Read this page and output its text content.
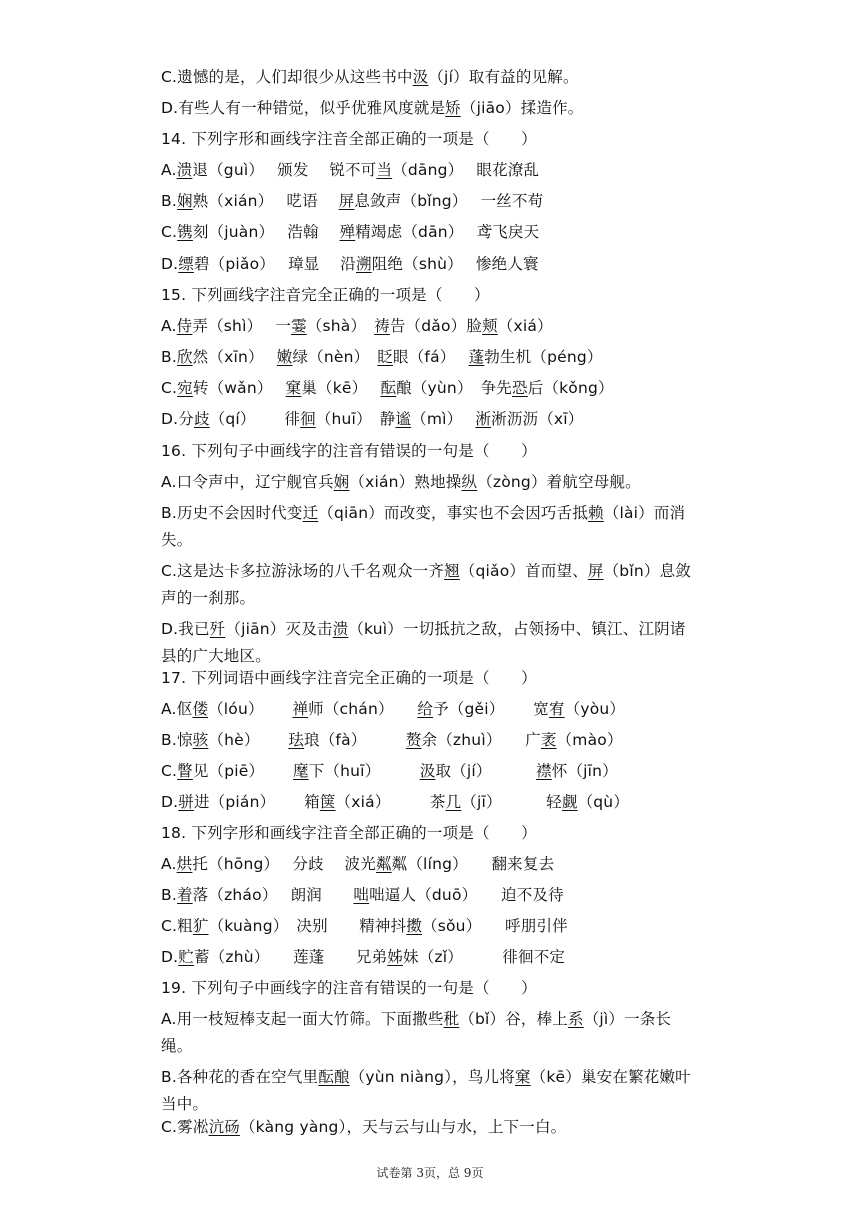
C.遗憾的是，人们却很少从这些书中汲（jí）取有益的见解。
D.有些人有一种错觉，似乎优雅风度就是矫（jiāo）揉造作。
14. 下列字形和画线字注音全部正确的一项是（　　）
A.溃退（guì）　 颁发　 锐不可当（dāng）　 眼花潦乱
B.娴熟（xián）　 呓语　 屏息敛声（bǐng）　 一丝不苟
C.镌刻（juàn）　 浩翰　 殚精竭虑（dān）　 鸢飞戾天
D.缥碧（piǎo）　 璋显　 沿溯阻绝（shù）　 惨绝人寰
15. 下列画线字注音完全正确的一项是（　　）
A.侍弄（shì）　 一霎（shà）　祷告（dǎo）脸颊（xiá）
B.欣然（xīn）　 嫩绿（nèn）　眨眼（fá）　 蓬勃生机（péng）
C.宛转（wǎn）　 窠巢（kē）　 酝酿（yùn）　争先恐后（kǒng）
D.分歧（qí）　　 徘徊（huī）　静谧（mì）　 淅淅沥沥（xī）
16. 下列句子中画线字的注音有错误的一句是（　　）
A.口令声中，辽宁舰官兵娴（xián）熟地操纵（zòng）着航空母舰。
B.历史不会因时代变迁（qiān）而改变，事实也不会因巧舌抵赖（lài）而消
失。
C.这是达卡多拉游泳场的八千名观众一齐翘（qiǎo）首而望、屏（bǐn）息敛
声的一刹那。
D.我已歼（jiān）灭及击溃（kuì）一切抵抗之敌，占领扬中、镇江、江阴诸
县的广大地区。
17. 下列词语中画线字注音完全正确的一项是（　　）
A.伛偻（lóu）　　 禅师（chán）　　给予（gěi）　　 宽宥（yòu）
B.惊骇（hè）　　 珐琅（fà）　　　赘余（zhuì）　　广袤（mào）
C.瞥见（piē）　　 麾下（huī）　　　汲取（jí）　　　 襟怀（jīn）
D.骈进（pián）　　 箱箧（xiá）　　　茶几（jī）　　　 轻觑（qù）
18. 下列字形和画线字注音全部正确的一项是（　　）
A.烘托（hōng）　 分歧　 波光粼粼（líng）　　翻来复去
B.着落（zháo）　 朗润　　咄咄逼人（duō）　　迫不及待
C.粗犷（kuàng）　决别　　精神抖擞（sǒu）　　呼朋引伴
D.贮蓄（zhù）　　莲蓬　　兄弟姊妹（zǐ）　　　徘徊不定
19. 下列句子中画线字的注音有错误的一句是（　　）
A.用一枝短棒支起一面大竹筛。下面撒些秕（bǐ）谷，棒上系（jì）一条长
绳。
B.各种花的香在空气里酝酿（yùn niàng），鸟儿将窠（kē）巢安在繁花嫩叶
当中。
C.雾凇沆砀（kàng yàng），天与云与山与水，上下一白。
试卷第 3页，总 9页
